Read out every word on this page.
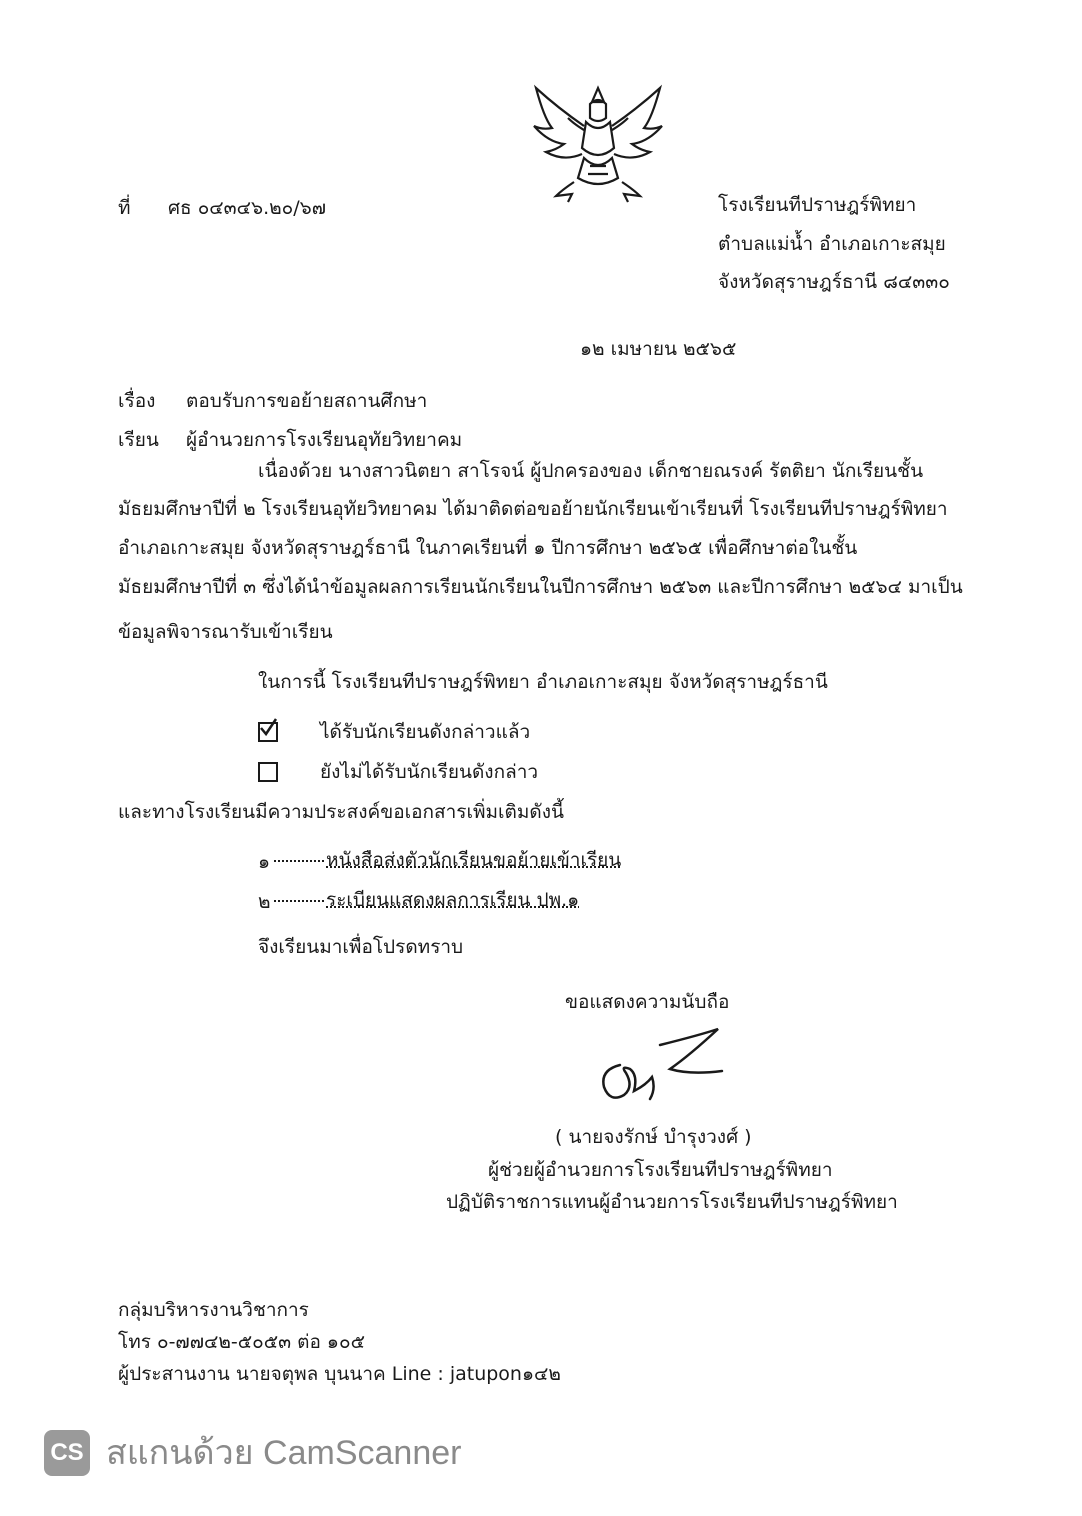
ที่ ศธ ๐๔๓๔๖.๒๐/๖๗	โรงเรียนทีปราษฎร์พิทยา
ตำบลแม่น้ำ อำเภอเกาะสมุย
จังหวัดสุราษฎร์ธานี ๘๔๓๓๐
๑๒ เมษายน ๒๕๖๕
เรื่อง ตอบรับการขอย้ายสถานศึกษา
เรียน ผู้อำนวยการโรงเรียนอุทัยวิทยาคม
เนื่องด้วย นางสาวนิตยา สาโรจน์ ผู้ปกครองของ เด็กชายณรงค์ รัตติยา นักเรียนชั้น
มัธยมศึกษาปีที่ ๒ โรงเรียนอุทัยวิทยาคม ได้มาติดต่อขอย้ายนักเรียนเข้าเรียนที่ โรงเรียนทีปราษฎร์พิทยา
อำเภอเกาะสมุย จังหวัดสุราษฎร์ธานี ในภาคเรียนที่ ๑ ปีการศึกษา ๒๕๖๕ เพื่อศึกษาต่อในชั้น
มัธยมศึกษาปีที่ ๓ ซึ่งได้นำข้อมูลผลการเรียนนักเรียนในปีการศึกษา ๒๕๖๓ และปีการศึกษา ๒๕๖๔ มาเป็น
ข้อมูลพิจารณารับเข้าเรียน
ในการนี้ โรงเรียนทีปราษฎร์พิทยา อำเภอเกาะสมุย จังหวัดสุราษฎร์ธานี
ได้รับนักเรียนดังกล่าวแล้ว
ยังไม่ได้รับนักเรียนดังกล่าว
และทางโรงเรียนมีความประสงค์ขอเอกสารเพิ่มเติมดังนี้
๑	หนังสือส่งตัวนักเรียนขอย้ายเข้าเรียน
๒	ระเบียนแสดงผลการเรียน ปพ.๑
จึงเรียนมาเพื่อโปรดทราบ
ขอแสดงความนับถือ
( นายจงรักษ์ บำรุงวงศ์ )
ผู้ช่วยผู้อำนวยการโรงเรียนทีปราษฎร์พิทยา
ปฏิบัติราชการแทนผู้อำนวยการโรงเรียนทีปราษฎร์พิทยา
กลุ่มบริหารงานวิชาการ
โทร ๐-๗๗๔๒-๕๐๕๓ ต่อ ๑๐๕
ผู้ประสานงาน นายจตุพล บุนนาค Line : jatupon๑๔๒
CS สแกนด้วย CamScanner
